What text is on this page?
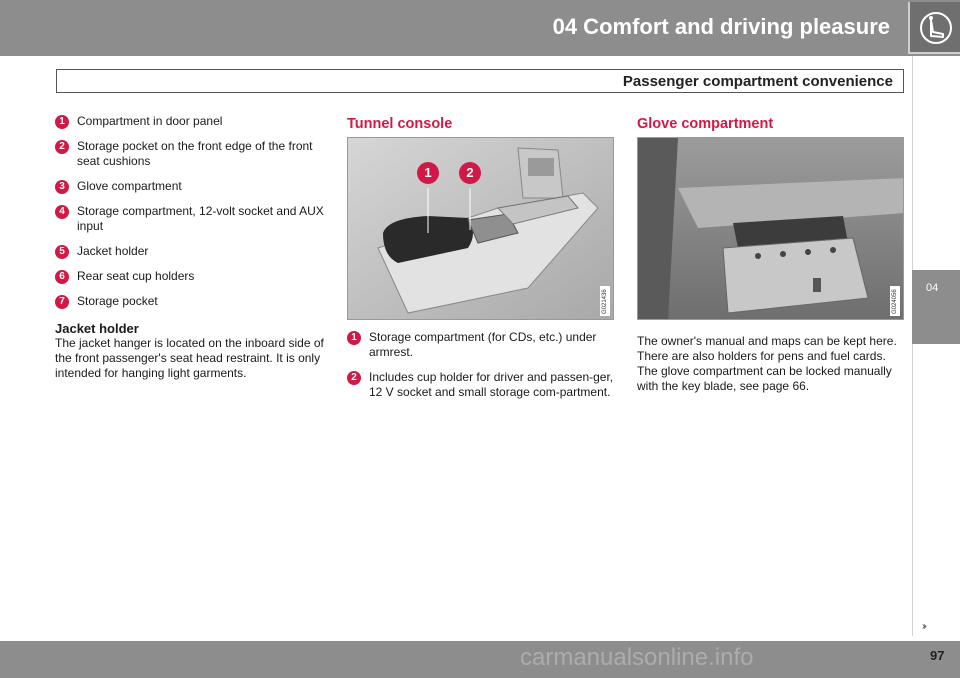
04 Comfort and driving pleasure
Passenger compartment convenience
04
1	Compartment in door panel
2	Storage pocket on the front edge of the front seat cushions
3	Glove compartment
4	Storage compartment, 12-volt socket and AUX input
5	Jacket holder
6	Rear seat cup holders
7	Storage pocket
Jacket holder
The jacket hanger is located on the inboard side of the front passenger's seat head restraint. It is only intended for hanging light garments.
Tunnel console
1	2
G021436
1	Storage compartment (for CDs, etc.) under armrest.
2	Includes cup holder for driver and passen-ger, 12 V socket and small storage com-partment.
Glove compartment
G024056
The owner's manual and maps can be kept here. There are also holders for pens and fuel cards. The glove compartment can be locked manually with the key blade, see page 66.
››
carmanualsonline.info	97
